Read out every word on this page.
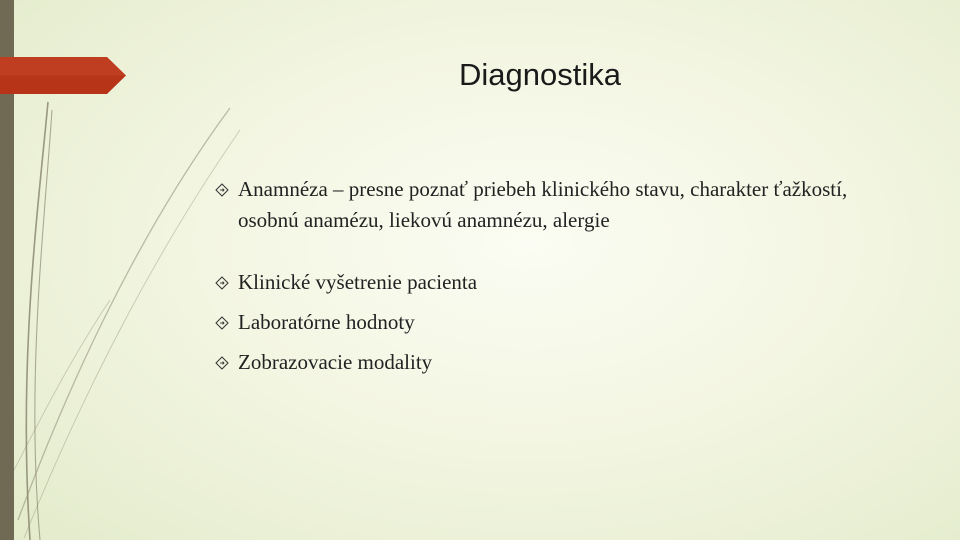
Diagnostika
Anamnéza – presne poznať priebeh klinického stavu, charakter ťažkostí, osobnú anamézu, liekovú anamnézu, alergie
Klinické vyšetrenie pacienta
Laboratórne hodnoty
Zobrazovacie modality
